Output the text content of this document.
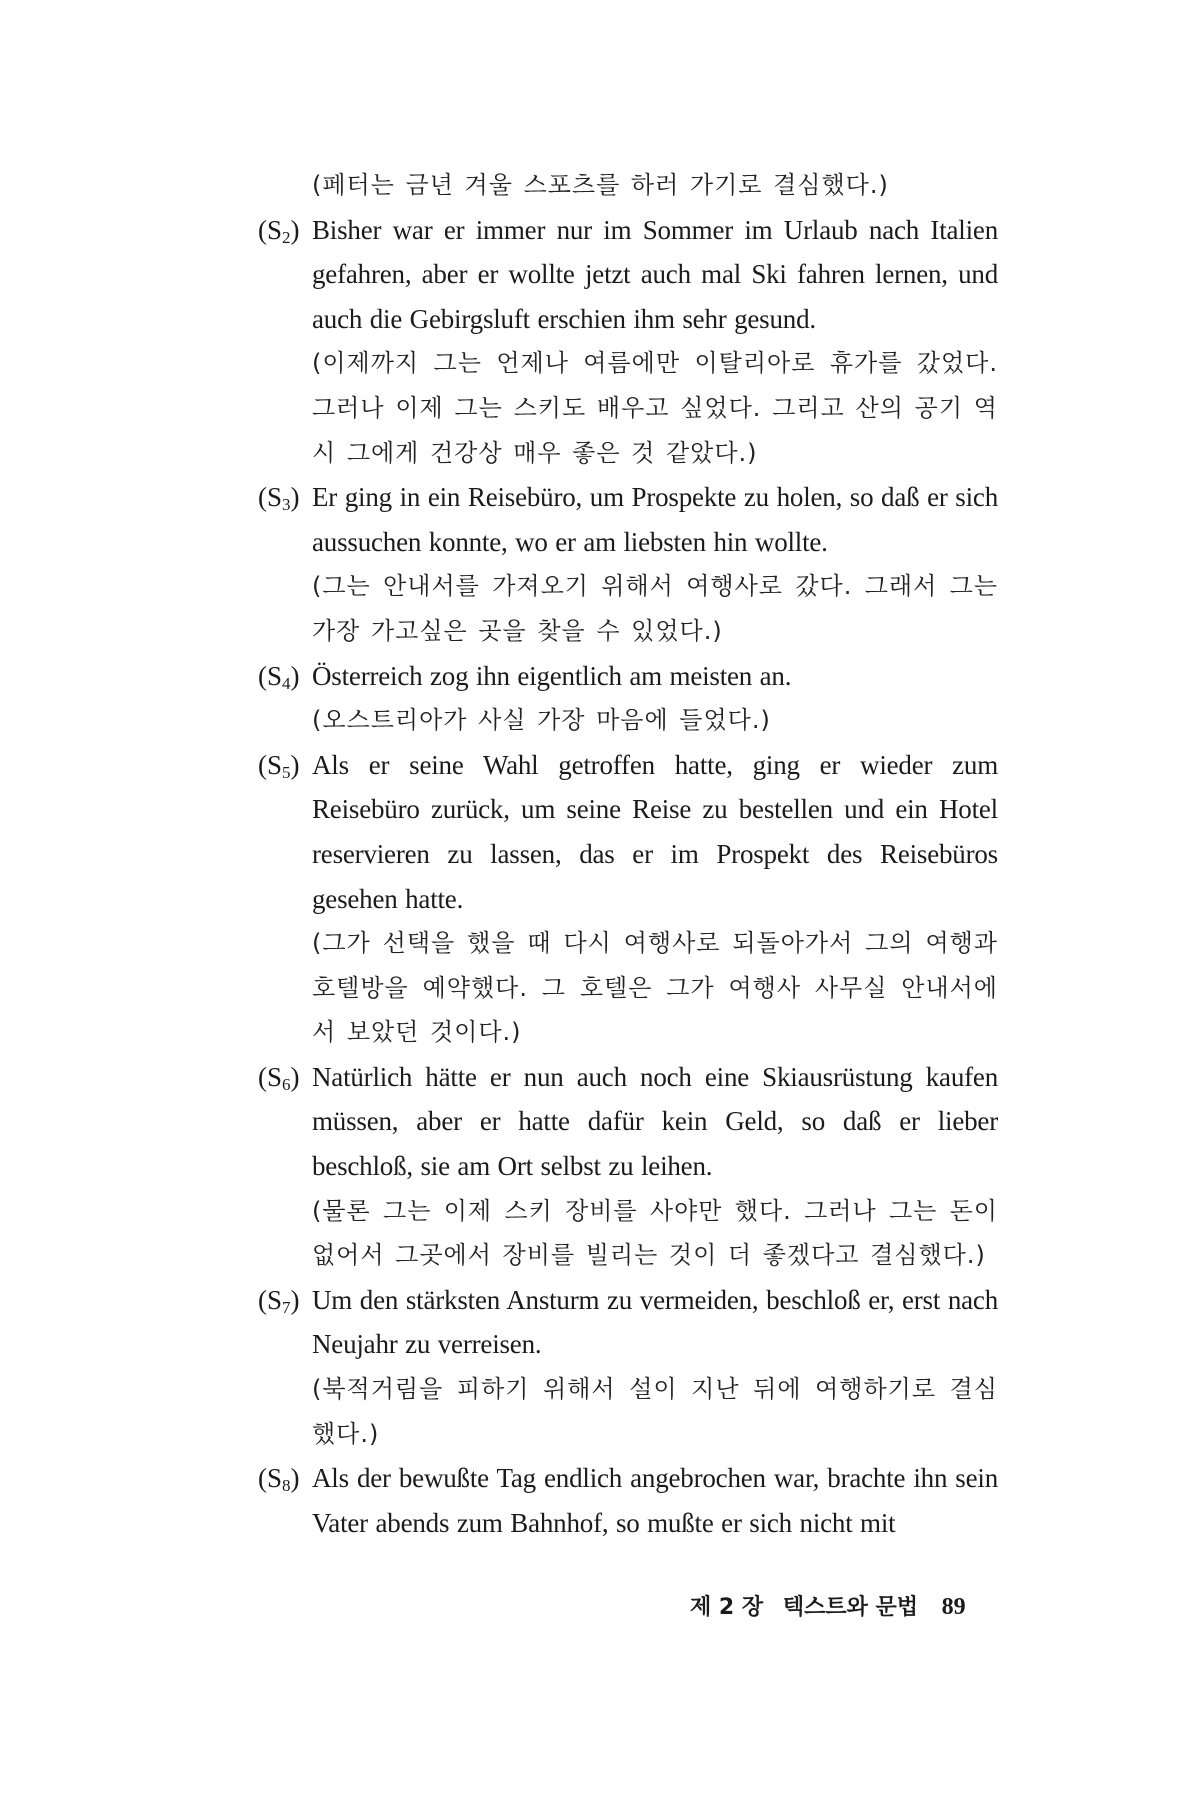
(페터는 금년 겨울 스포츠를 하러 가기로 결심했다.)
(S2) Bisher war er immer nur im Sommer im Urlaub nach Italien gefahren, aber er wollte jetzt auch mal Ski fahren lernen, und auch die Gebirgsluft erschien ihm sehr gesund.
(이제까지 그는 언제나 여름에만 이탈리아로 휴가를 갔었다. 그러나 이제 그는 스키도 배우고 싶었다. 그리고 산의 공기 역시 그에게 건강상 매우 좋은 것 같았다.)
(S3) Er ging in ein Reisebüro, um Prospekte zu holen, so daß er sich aussuchen konnte, wo er am liebsten hin wollte.
(그는 안내서를 가져오기 위해서 여행사로 갔다. 그래서 그는 가장 가고싶은 곳을 찾을 수 있었다.)
(S4) Österreich zog ihn eigentlich am meisten an.
(오스트리아가 사실 가장 마음에 들었다.)
(S5) Als er seine Wahl getroffen hatte, ging er wieder zum Reisebüro zurück, um seine Reise zu bestellen und ein Hotel reservieren zu lassen, das er im Prospekt des Reisebüros gesehen hatte.
(그가 선택을 했을 때 다시 여행사로 되돌아가서 그의 여행과 호텔방을 예약했다. 그 호텔은 그가 여행사 사무실 안내서에서 보았던 것이다.)
(S6) Natürlich hätte er nun auch noch eine Skiausrüstung kaufen müssen, aber er hatte dafür kein Geld, so daß er lieber beschloß, sie am Ort selbst zu leihen.
(물론 그는 이제 스키 장비를 사야만 했다. 그러나 그는 돈이 없어서 그곳에서 장비를 빌리는 것이 더 좋겠다고 결심했다.)
(S7) Um den stärksten Ansturm zu vermeiden, beschloß er, erst nach Neujahr zu verreisen.
(북적거림을 피하기 위해서 설이 지난 뒤에 여행하기로 결심했다.)
(S8) Als der bewußte Tag endlich angebrochen war, brachte ihn sein Vater abends zum Bahnhof, so mußte er sich nicht mit
제 2 장 텍스트와 문법 89
